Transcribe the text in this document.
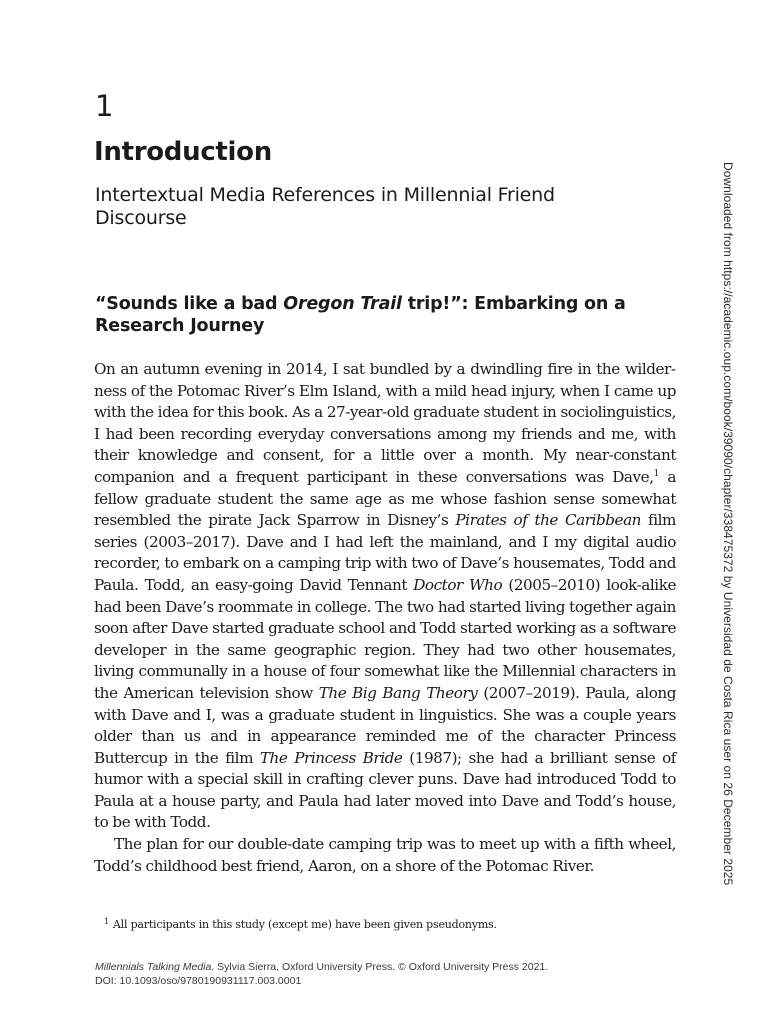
1
Introduction
Intertextual Media References in Millennial Friend Discourse
“Sounds like a bad Oregon Trail trip!”: Embarking on a Research Journey

On an autumn evening in 2014, I sat bundled by a dwindling fire in the wilderness of the Potomac River’s Elm Island, with a mild head injury, when I came up with the idea for this book. As a 27-year-old graduate student in sociolinguistics, I had been recording everyday conversations among my friends and me, with their knowledge and consent, for a little over a month. My near-constant companion and a frequent participant in these conversations was Dave,$^1$ a fellow graduate student the same age as me whose fashion sense somewhat resembled the pirate Jack Sparrow in Disney’s Pirates of the Caribbean film series (2003–2017). Dave and I had left the mainland, and I my digital audio recorder, to embark on a camping trip with two of Dave’s housemates, Todd and Paula. Todd, an easy-going David Tennant Doctor Who (2005–2010) look-alike had been Dave’s roommate in college. The two had started living together again soon after Dave started graduate school and Todd started working as a software developer in the same geographic region. They had two other housemates, living communally in a house of four somewhat like the Millennial characters in the American television show The Big Bang Theory (2007–2019). Paula, along with Dave and I, was a graduate student in linguistics. She was a couple years older than us and in appearance reminded me of the character Princess Buttercup in the film The Princess Bride (1987); she had a brilliant sense of humor with a special skill in crafting clever puns. Dave had introduced Todd to Paula at a house party, and Paula had later moved into Dave and Todd’s house, to be with Todd.

The plan for our double-date camping trip was to meet up with a fifth wheel, Todd’s childhood best friend, Aaron, on a shore of the Potomac River.

$^1$ All participants in this study (except me) have been given pseudonyms.
Millennials Talking Media. Sylvia Sierra, Oxford University Press. © Oxford University Press 2021.
DOI: 10.1093/oso/9780190931117.003.0001
Downloaded from https://academic.oup.com/book/39090/chapter/338475372 by Universidad de Costa Rica user on 26 December 2025
